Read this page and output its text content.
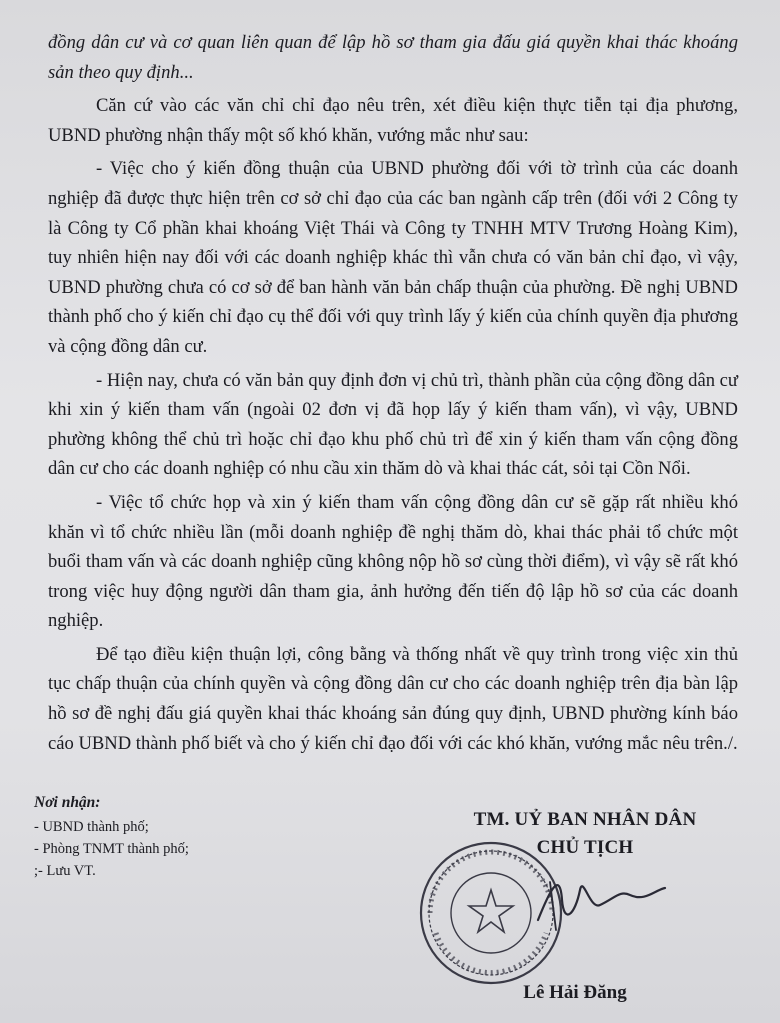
đồng dân cư và cơ quan liên quan để lập hồ sơ tham gia đấu giá quyền khai thác khoáng sản theo quy định...

Căn cứ vào các văn chỉ chỉ đạo nêu trên, xét điều kiện thực tiễn tại địa phương, UBND phường nhận thấy một số khó khăn, vướng mắc như sau:

- Việc cho ý kiến đồng thuận của UBND phường đối với tờ trình của các doanh nghiệp đã được thực hiện trên cơ sở chỉ đạo của các ban ngành cấp trên (đối với 2 Công ty là Công ty Cổ phần khai khoáng Việt Thái và Công ty TNHH MTV Trương Hoàng Kim), tuy nhiên hiện nay đối với các doanh nghiệp khác thì vẫn chưa có văn bản chỉ đạo, vì vậy, UBND phường chưa có cơ sở để ban hành văn bản chấp thuận của phường. Đề nghị UBND thành phố cho ý kiến chỉ đạo cụ thể đối với quy trình lấy ý kiến của chính quyền địa phương và cộng đồng dân cư.

- Hiện nay, chưa có văn bản quy định đơn vị chủ trì, thành phần của cộng đồng dân cư khi xin ý kiến tham vấn (ngoài 02 đơn vị đã họp lấy ý kiến tham vấn), vì vậy, UBND phường không thể chủ trì hoặc chỉ đạo khu phố chủ trì để xin ý kiến tham vấn cộng đồng dân cư cho các doanh nghiệp có nhu cầu xin thăm dò và khai thác cát, sỏi tại Cồn Nổi.

- Việc tổ chức họp và xin ý kiến tham vấn cộng đồng dân cư sẽ gặp rất nhiều khó khăn vì tổ chức nhiều lần (mỗi doanh nghiệp đề nghị thăm dò, khai thác phải tổ chức một buổi tham vấn và các doanh nghiệp cũng không nộp hồ sơ cùng thời điểm), vì vậy sẽ rất khó trong việc huy động người dân tham gia, ảnh hưởng đến tiến độ lập hồ sơ của các doanh nghiệp.

Để tạo điều kiện thuận lợi, công bằng và thống nhất về quy trình trong việc xin thủ tục chấp thuận của chính quyền và cộng đồng dân cư cho các doanh nghiệp trên địa bàn lập hồ sơ đề nghị đấu giá quyền khai thác khoáng sản đúng quy định, UBND phường kính báo cáo UBND thành phố biết và cho ý kiến chỉ đạo đối với các khó khăn, vướng mắc nêu trên./.

Nơi nhận:
- UBND thành phố;
- Phòng TNMT thành phố;
;- Lưu VT.
TM. UỶ BAN NHÂN DÂN
CHỦ TỊCH
Lê Hải Đăng
